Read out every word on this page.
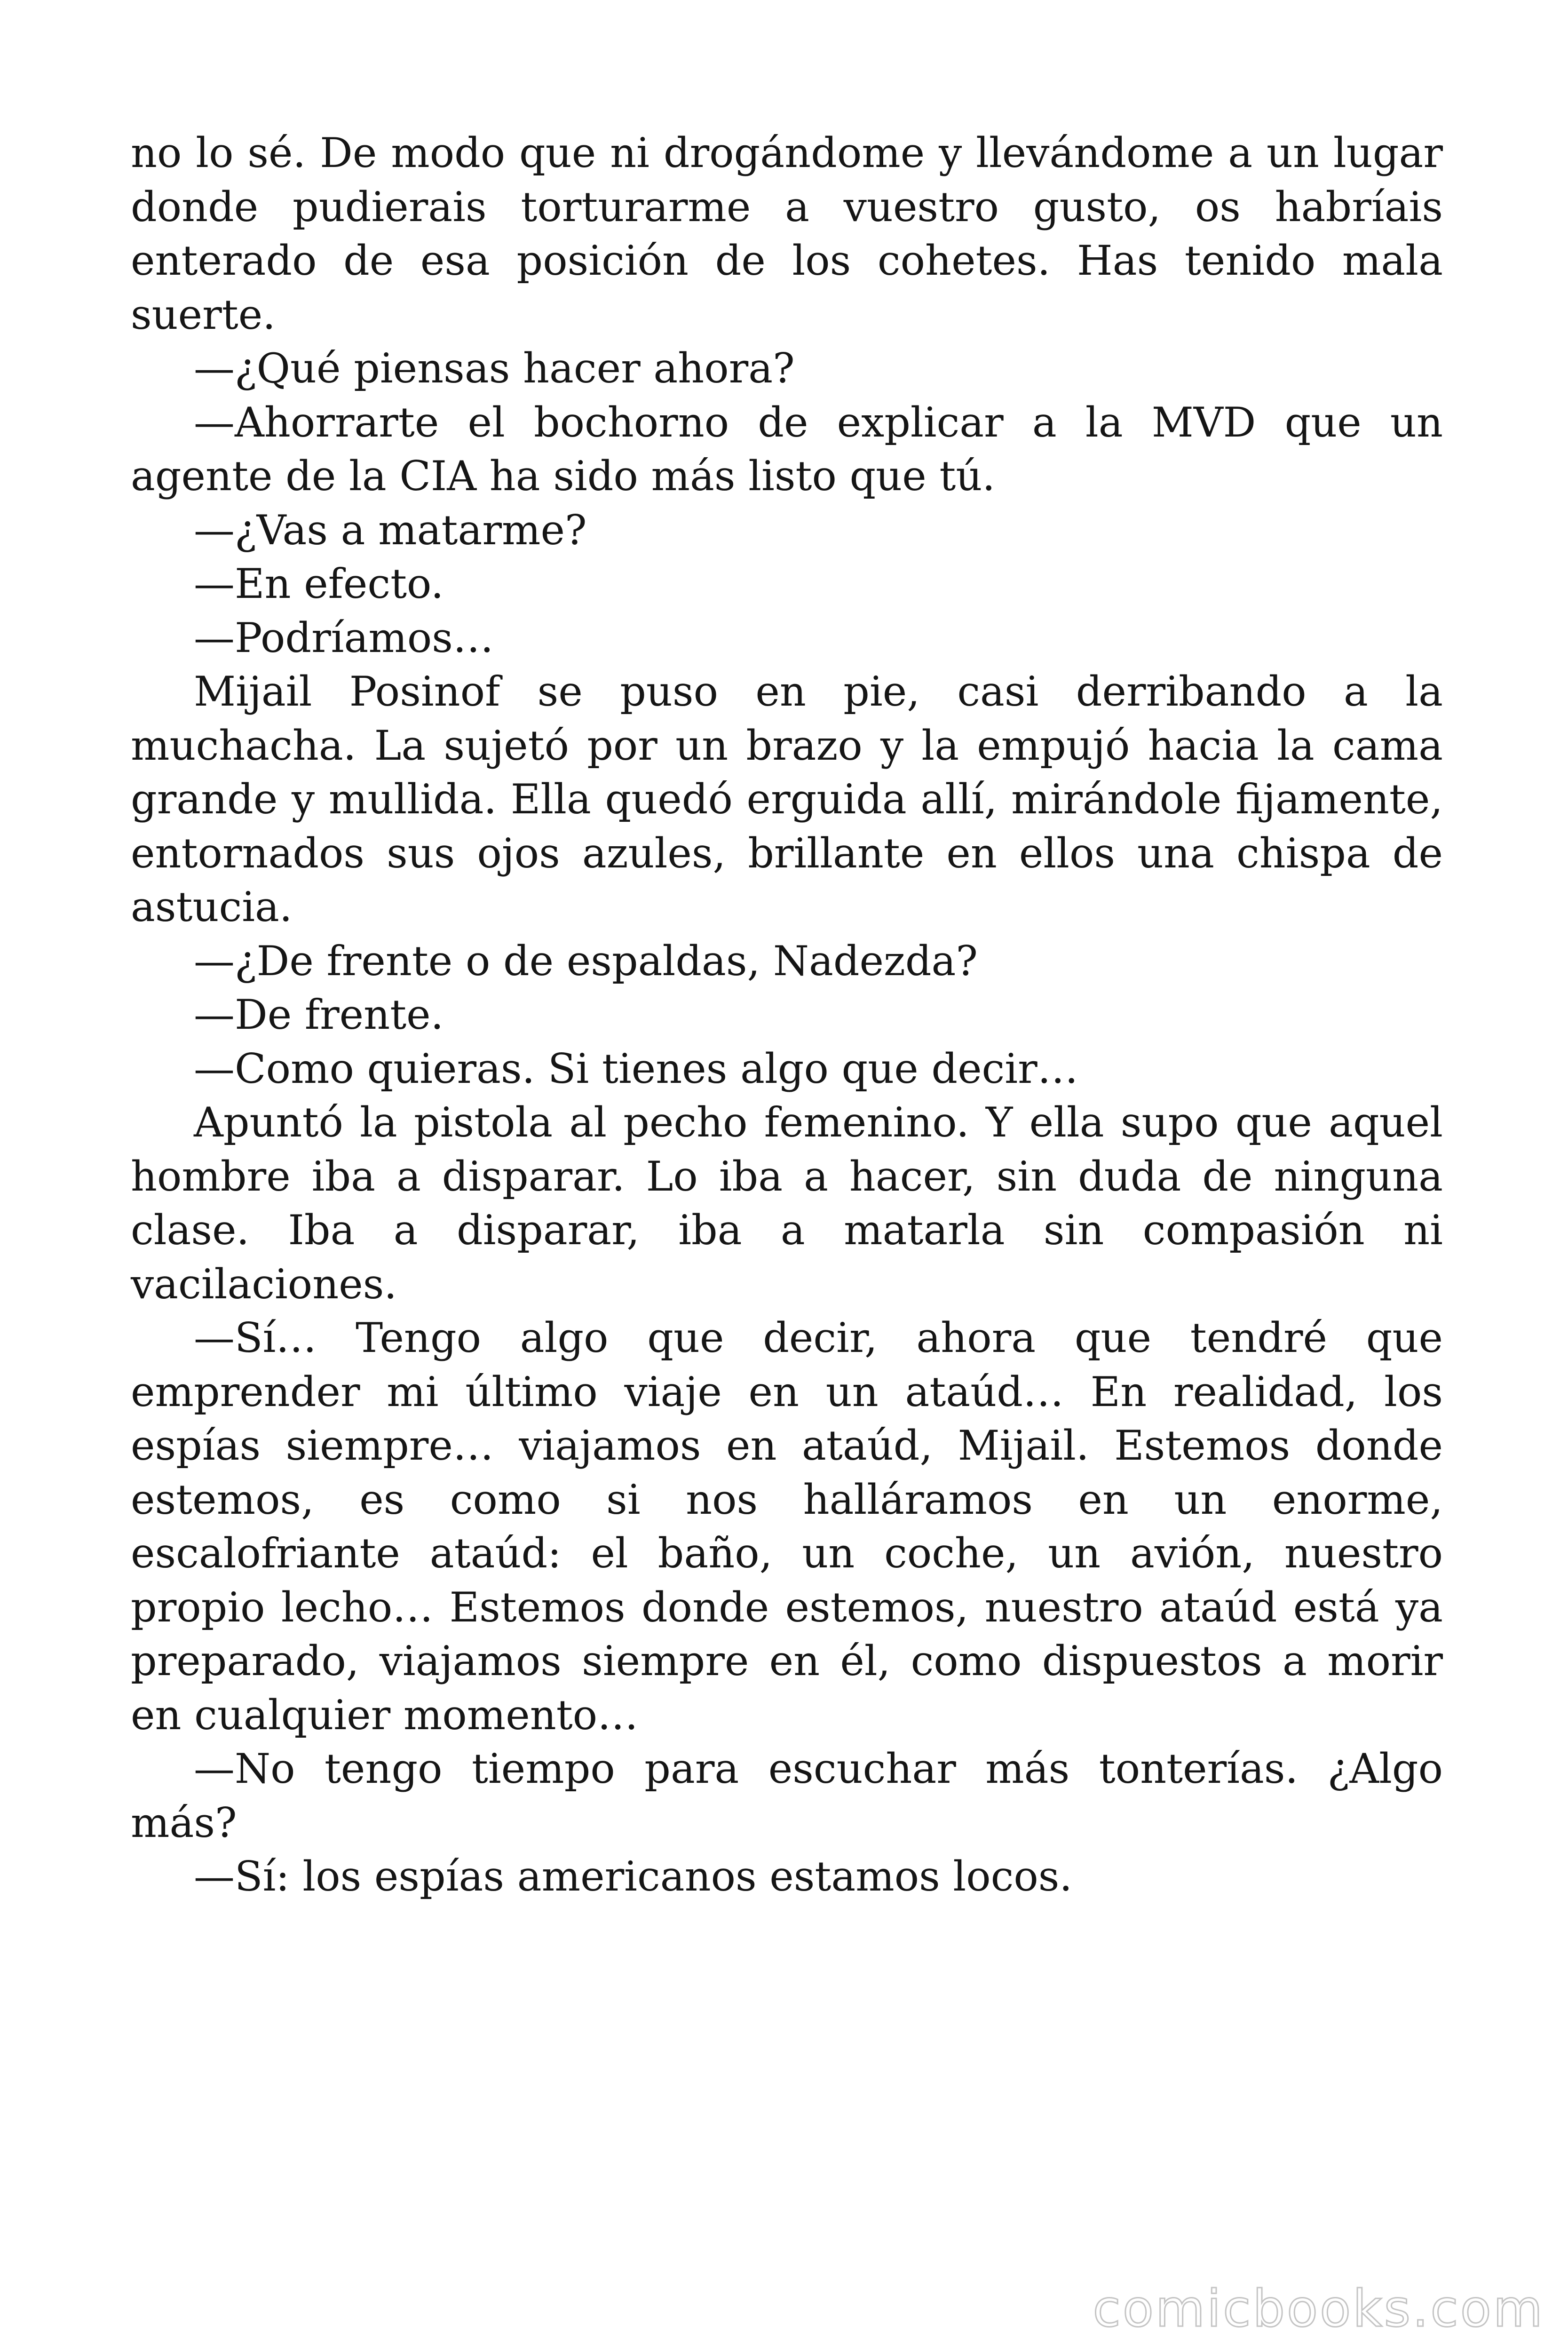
no lo sé. De modo que ni drogándome y llevándome a un lugar donde pudierais torturarme a vuestro gusto, os habríais enterado de esa posición de los cohetes. Has tenido mala suerte.

—¿Qué piensas hacer ahora?

—Ahorrarte el bochorno de explicar a la MVD que un agente de la CIA ha sido más listo que tú.

—¿Vas a matarme?

—En efecto.

—Podríamos…

Mijail Posinof se puso en pie, casi derribando a la muchacha. La sujetó por un brazo y la empujó hacia la cama grande y mullida. Ella quedó erguida allí, mirándole fijamente, entornados sus ojos azules, brillante en ellos una chispa de astucia.

—¿De frente o de espaldas, Nadezda?

—De frente.

—Como quieras. Si tienes algo que decir…

Apuntó la pistola al pecho femenino. Y ella supo que aquel hombre iba a disparar. Lo iba a hacer, sin duda de ninguna clase. Iba a disparar, iba a matarla sin compasión ni vacilaciones.

—Sí… Tengo algo que decir, ahora que tendré que emprender mi último viaje en un ataúd… En realidad, los espías siempre… viajamos en ataúd, Mijail. Estemos donde estemos, es como si nos halláramos en un enorme, escalofriante ataúd: el baño, un coche, un avión, nuestro propio lecho… Estemos donde estemos, nuestro ataúd está ya preparado, viajamos siempre en él, como dispuestos a morir en cualquier momento…

—No tengo tiempo para escuchar más tonterías. ¿Algo más?

—Sí: los espías americanos estamos locos.

comicbooks.com
